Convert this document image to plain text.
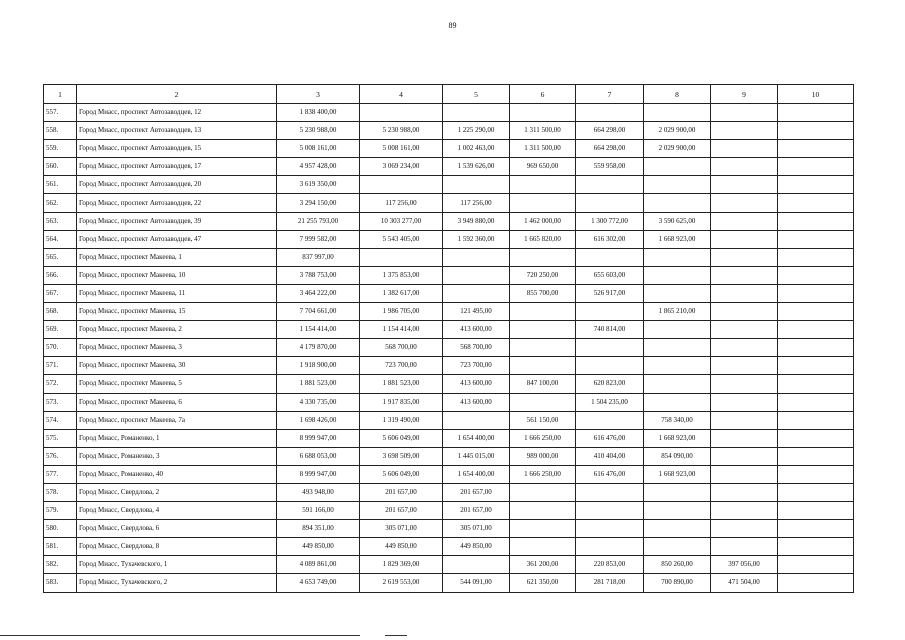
89
1	2	3	4	5	6	7	8	9	10
557.	Город Миасс, проспект Автозаводцев, 12	1 838 400,00							
558.	Город Миасс, проспект Автозаводцев, 13	5 230 988,00	5 230 988,00	1 225 290,00	1 311 500,00	664 298,00	2 029 900,00		
559.	Город Миасс, проспект Автозаводцев, 15	5 008 161,00	5 008 161,00	1 002 463,00	1 311 500,00	664 298,00	2 029 900,00		
560.	Город Миасс, проспект Автозаводцев, 17	4 957 428,00	3 069 234,00	1 539 626,00	969 650,00	559 958,00			
561.	Город Миасс, проспект Автозаводцев, 20	3 619 350,00							
562.	Город Миасс, проспект Автозаводцев, 22	3 294 150,00	117 256,00	117 256,00					
563.	Город Миасс, проспект Автозаводцев, 39	21 255 793,00	10 303 277,00	3 949 880,00	1 462 000,00	1 300 772,00	3 590 625,00		
564.	Город Миасс, проспект Автозаводцев, 47	7 999 582,00	5 543 405,00	1 592 360,00	1 665 820,00	616 302,00	1 668 923,00		
565.	Город Миасс, проспект Макеева, 1	837 997,00							
566.	Город Миасс, проспект Макеева, 10	3 788 753,00	1 375 853,00		720 250,00	655 603,00			
567.	Город Миасс, проспект Макеева, 11	3 464 222,00	1 382 617,00		855 700,00	526 917,00			
568.	Город Миасс, проспект Макеева, 15	7 704 661,00	1 986 705,00	121 495,00			1 865 210,00		
569.	Город Миасс, проспект Макеева, 2	1 154 414,00	1 154 414,00	413 600,00		740 814,00			
570.	Город Миасс, проспект Макеева, 3	4 179 870,00	568 700,00	568 700,00					
571.	Город Миасс, проспект Макеева, 30	1 918 900,00	723 700,00	723 700,00					
572.	Город Миасс, проспект Макеева, 5	1 881 523,00	1 881 523,00	413 600,00	847 100,00	620 823,00			
573.	Город Миасс, проспект Макеева, 6	4 330 735,00	1 917 835,00	413 600,00		1 504 235,00			
574.	Город Миасс, проспект Макеева, 7а	1 698 426,00	1 319 490,00		561 150,00		758 340,00		
575.	Город Миасс, Романенко, 1	8 999 947,00	5 606 049,00	1 654 400,00	1 666 250,00	616 476,00	1 668 923,00		
576.	Город Миасс, Романенко, 3	6 688 053,00	3 698 509,00	1 445 015,00	989 000,00	410 404,00	854 090,00		
577.	Город Миасс, Романенко, 40	8 999 947,00	5 606 049,00	1 654 400,00	1 666 250,00	616 476,00	1 668 923,00		
578.	Город Миасс, Свердлова, 2	493 948,00	201 657,00	201 657,00					
579.	Город Миасс, Свердлова, 4	591 166,00	201 657,00	201 657,00					
580.	Город Миасс, Свердлова, 6	894 351,00	305 071,00	305 071,00					
581.	Город Миасс, Свердлова, 8	449 850,00	449 850,00	449 850,00					
582.	Город Миасс, Тухачевского, 1	4 089 861,00	1 829 369,00		361 200,00	220 853,00	850 260,00	397 056,00	
583.	Город Миасс, Тухачевского, 2	4 653 749,00	2 619 553,00	544 091,00	621 350,00	281 718,00	700 890,00	471 504,00	
